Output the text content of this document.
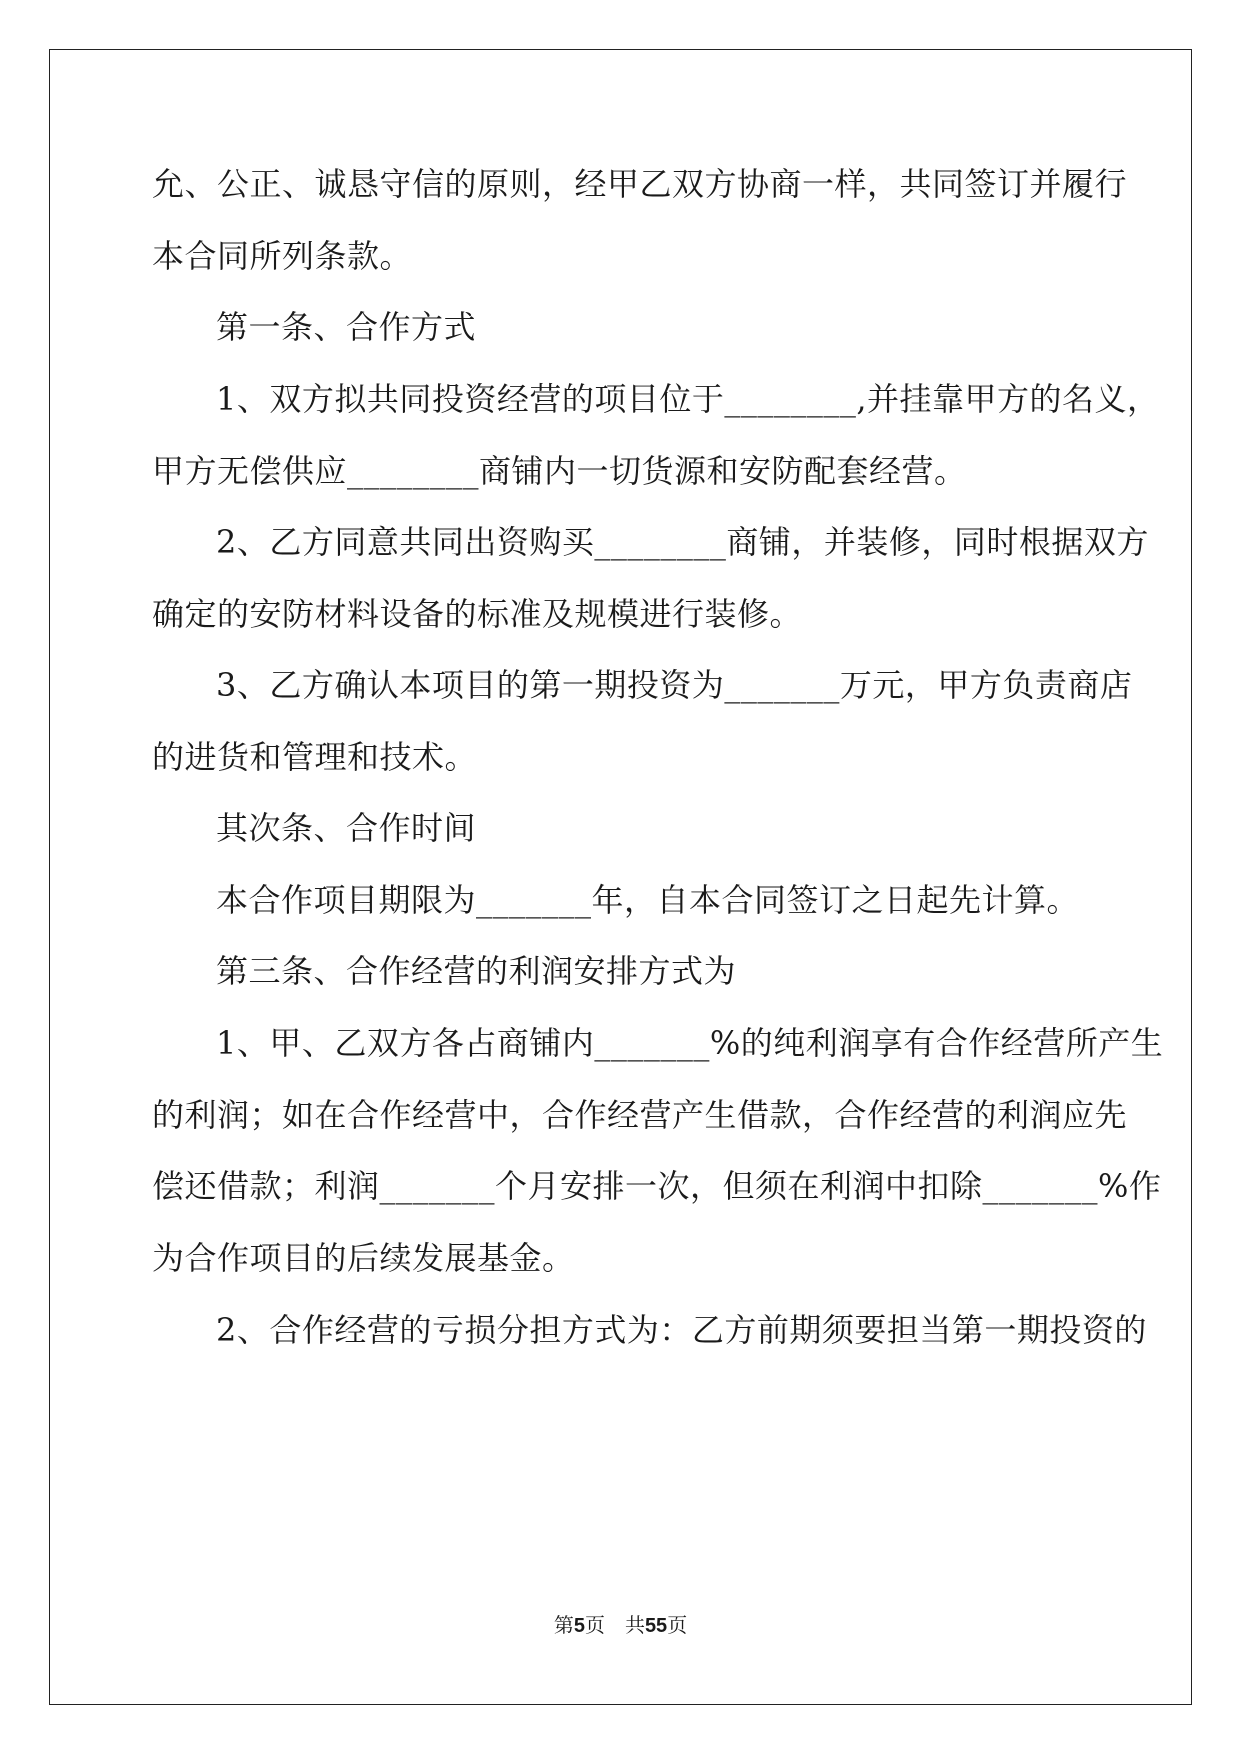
允、公正、诚恳守信的原则，经甲乙双方协商一样，共同签订并履行
本合同所列条款。
第一条、合作方式
1、双方拟共同投资经营的项目位于________,并挂靠甲方的名义，
甲方无偿供应________商铺内一切货源和安防配套经营。
2、乙方同意共同出资购买________商铺，并装修，同时根据双方
确定的安防材料设备的标准及规模进行装修。
3、乙方确认本项目的第一期投资为_______万元，甲方负责商店
的进货和管理和技术。
其次条、合作时间
本合作项目期限为_______年，自本合同签订之日起先计算。
第三条、合作经营的利润安排方式为
1、甲、乙双方各占商铺内_______%的纯利润享有合作经营所产生
的利润；如在合作经营中，合作经营产生借款，合作经营的利润应先
偿还借款；利润_______个月安排一次，但须在利润中扣除_______%作
为合作项目的后续发展基金。
2、合作经营的亏损分担方式为：乙方前期须要担当第一期投资的
第5页 共55页
